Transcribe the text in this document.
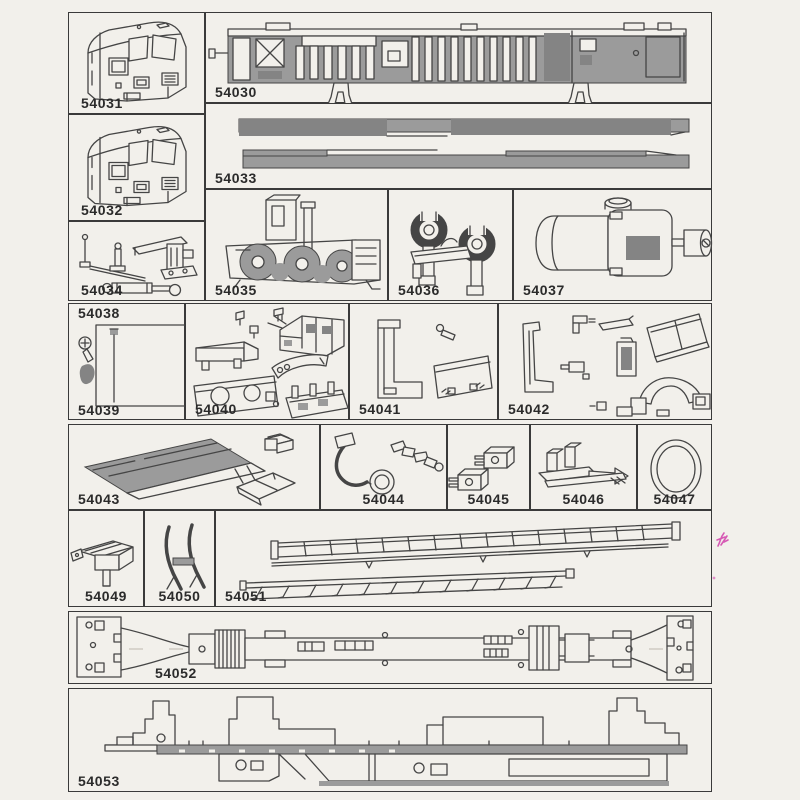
54031
54030
54032
54033
54034	54035	54036	54037
54038
54039	54040	54041	54042
54043	54044	54045	54046	54047
54049	54050	54051
54052
54053
